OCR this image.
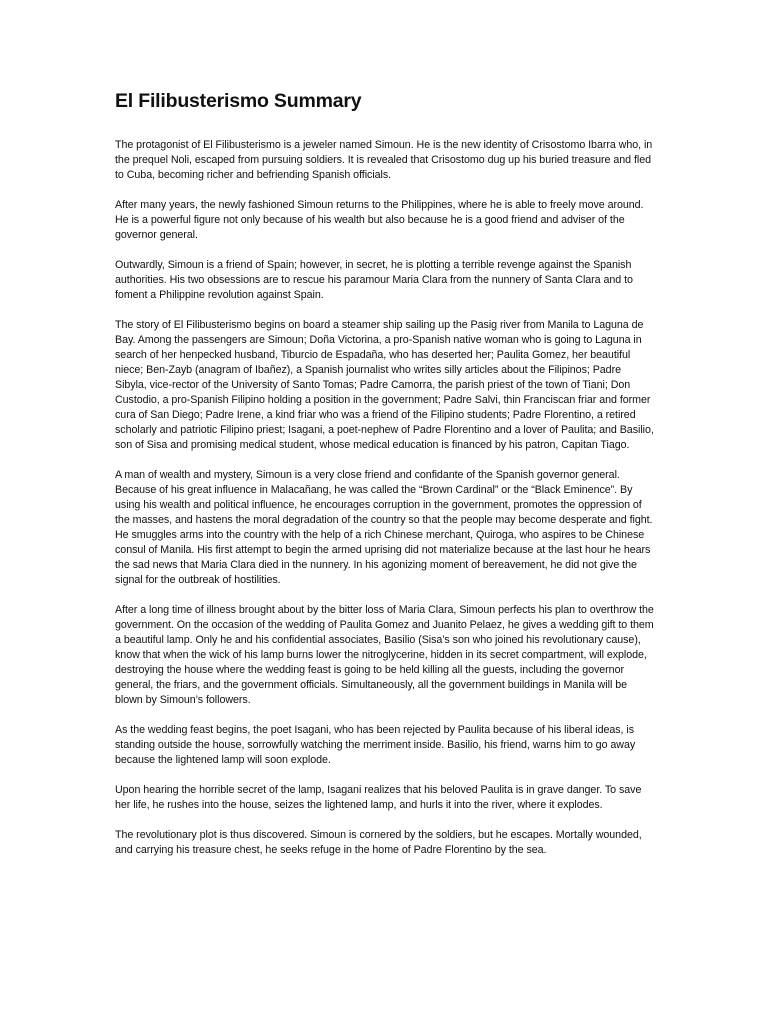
El Filibusterismo Summary

The protagonist of El Filibusterismo is a jeweler named Simoun. He is the new identity of Crisostomo Ibarra who, in the prequel Noli, escaped from pursuing soldiers. It is revealed that Crisostomo dug up his buried treasure and fled to Cuba, becoming richer and befriending Spanish officials.

After many years, the newly fashioned Simoun returns to the Philippines, where he is able to freely move around. He is a powerful figure not only because of his wealth but also because he is a good friend and adviser of the governor general.

Outwardly, Simoun is a friend of Spain; however, in secret, he is plotting a terrible revenge against the Spanish authorities. His two obsessions are to rescue his paramour Maria Clara from the nunnery of Santa Clara and to foment a Philippine revolution against Spain.

The story of El Filibusterismo begins on board a steamer ship sailing up the Pasig river from Manila to Laguna de Bay. Among the passengers are Simoun; Doña Victorina, a pro-Spanish native woman who is going to Laguna in search of her henpecked husband, Tiburcio de Espadaña, who has deserted her; Paulita Gomez, her beautiful niece; Ben-Zayb (anagram of Ibañez), a Spanish journalist who writes silly articles about the Filipinos; Padre Sibyla, vice-rector of the University of Santo Tomas; Padre Camorra, the parish priest of the town of Tiani; Don Custodio, a pro-Spanish Filipino holding a position in the government; Padre Salvi, thin Franciscan friar and former cura of San Diego; Padre Irene, a kind friar who was a friend of the Filipino students; Padre Florentino, a retired scholarly and patriotic Filipino priest; Isagani, a poet-nephew of Padre Florentino and a lover of Paulita; and Basilio, son of Sisa and promising medical student, whose medical education is financed by his patron, Capitan Tiago.

A man of wealth and mystery, Simoun is a very close friend and confidante of the Spanish governor general. Because of his great influence in Malacañang, he was called the “Brown Cardinal” or the “Black Eminence”. By using his wealth and political influence, he encourages corruption in the government, promotes the oppression of the masses, and hastens the moral degradation of the country so that the people may become desperate and fight. He smuggles arms into the country with the help of a rich Chinese merchant, Quiroga, who aspires to be Chinese consul of Manila. His first attempt to begin the armed uprising did not materialize because at the last hour he hears the sad news that Maria Clara died in the nunnery. In his agonizing moment of bereavement, he did not give the signal for the outbreak of hostilities.

After a long time of illness brought about by the bitter loss of Maria Clara, Simoun perfects his plan to overthrow the government. On the occasion of the wedding of Paulita Gomez and Juanito Pelaez, he gives a wedding gift to them a beautiful lamp. Only he and his confidential associates, Basilio (Sisa’s son who joined his revolutionary cause), know that when the wick of his lamp burns lower the nitroglycerine, hidden in its secret compartment, will explode, destroying the house where the wedding feast is going to be held killing all the guests, including the governor general, the friars, and the government officials. Simultaneously, all the government buildings in Manila will be blown by Simoun’s followers.

As the wedding feast begins, the poet Isagani, who has been rejected by Paulita because of his liberal ideas, is standing outside the house, sorrowfully watching the merriment inside. Basilio, his friend, warns him to go away because the lightened lamp will soon explode.

Upon hearing the horrible secret of the lamp, Isagani realizes that his beloved Paulita is in grave danger. To save her life, he rushes into the house, seizes the lightened lamp, and hurls it into the river, where it explodes.

The revolutionary plot is thus discovered. Simoun is cornered by the soldiers, but he escapes. Mortally wounded, and carrying his treasure chest, he seeks refuge in the home of Padre Florentino by the sea.
